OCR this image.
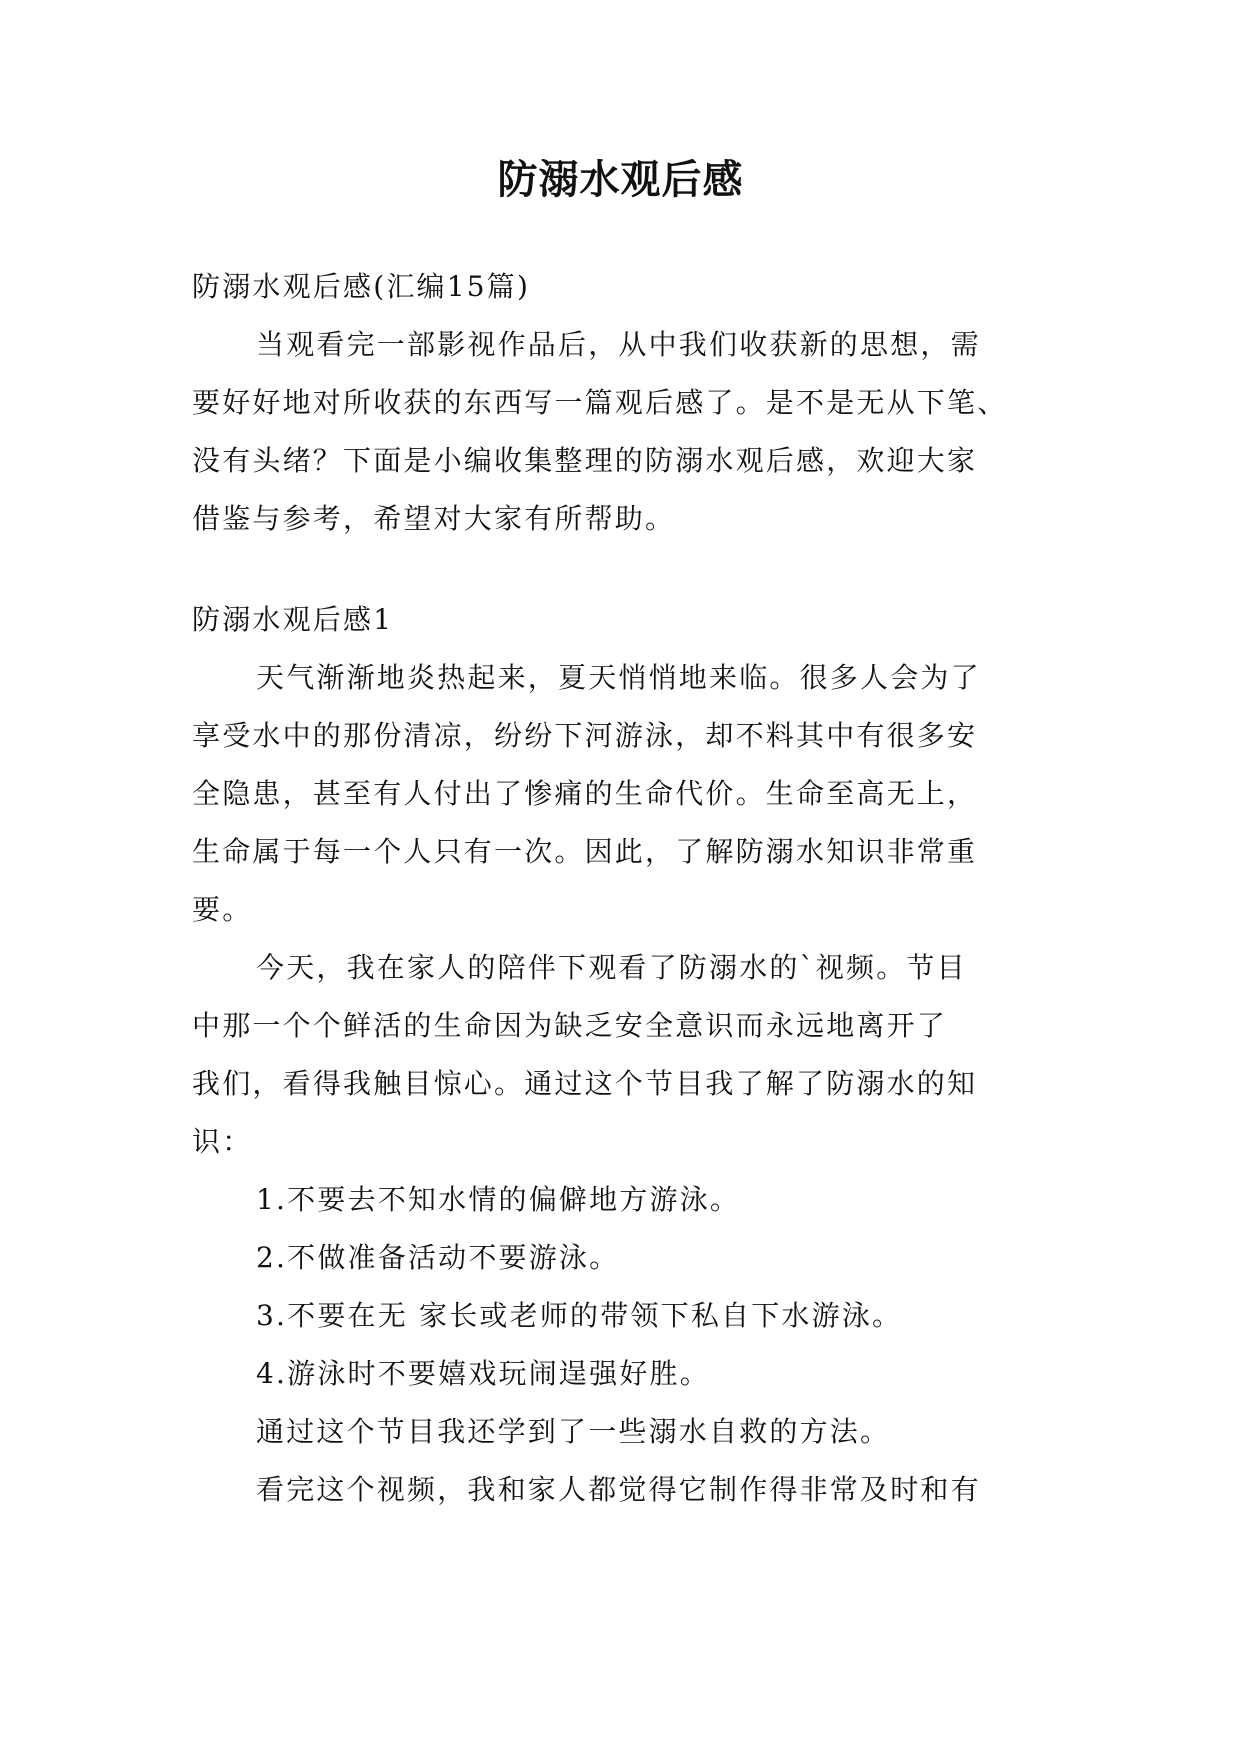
防溺水观后感
防溺水观后感(汇编15篇)
当观看完一部影视作品后，从中我们收获新的思想，需
要好好地对所收获的东西写一篇观后感了。是不是无从下笔、
没有头绪？下面是小编收集整理的防溺水观后感，欢迎大家
借鉴与参考，希望对大家有所帮助。
防溺水观后感1
天气渐渐地炎热起来，夏天悄悄地来临。很多人会为了
享受水中的那份清凉，纷纷下河游泳，却不料其中有很多安
全隐患，甚至有人付出了惨痛的生命代价。生命至高无上，
生命属于每一个人只有一次。因此，了解防溺水知识非常重
要。
今天，我在家人的陪伴下观看了防溺水的`视频。节目
中那一个个鲜活的生命因为缺乏安全意识而永远地离开了
我们，看得我触目惊心。通过这个节目我了解了防溺水的知
识：
1.不要去不知水情的偏僻地方游泳。
2.不做准备活动不要游泳。
3.不要在无 家长或老师的带领下私自下水游泳。
4.游泳时不要嬉戏玩闹逞强好胜。
通过这个节目我还学到了一些溺水自救的方法。
看完这个视频，我和家人都觉得它制作得非常及时和有
